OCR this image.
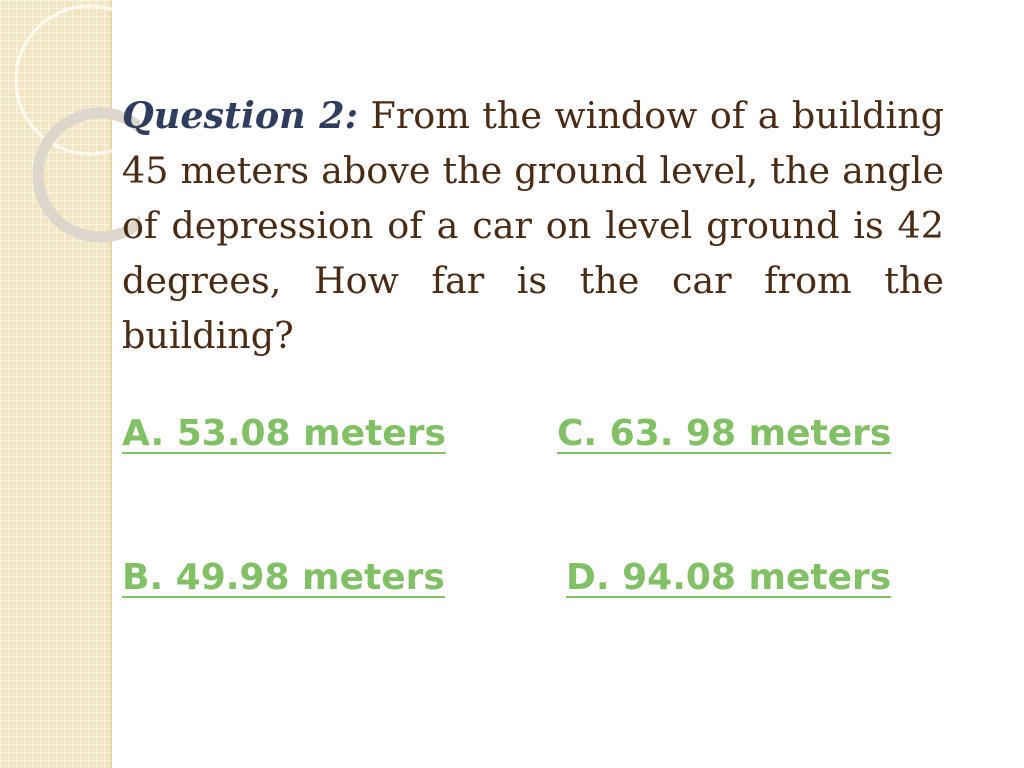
Question 2: From the window of a building 45 meters above the ground level, the angle of depression of a car on level ground is 42 degrees, How far is the car from the building?

A. 53.08 meters	C. 63. 98 meters
B. 49.98 meters	D. 94.08 meters
